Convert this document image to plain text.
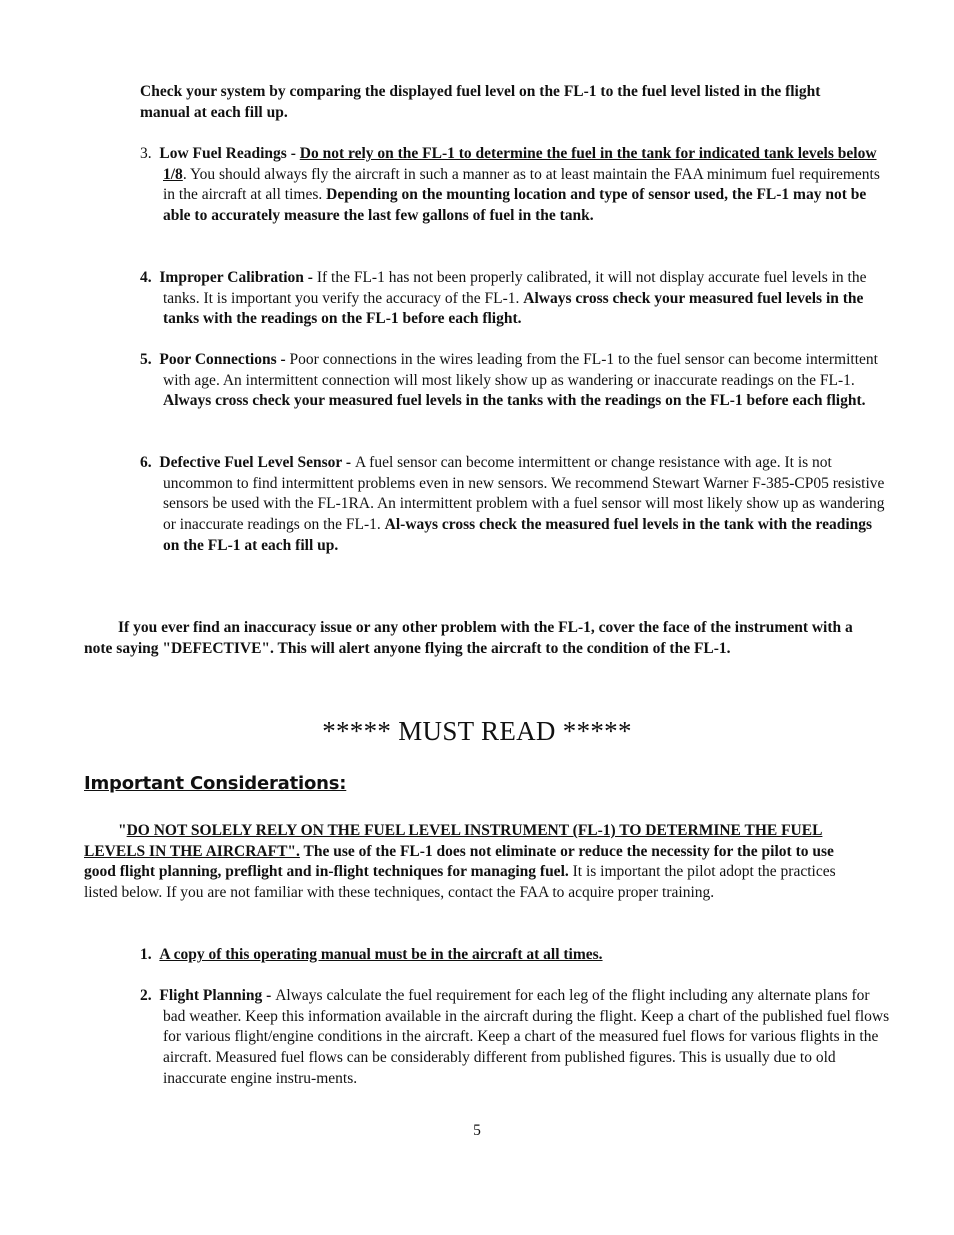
Check your system by comparing the displayed fuel level on the FL-1 to the fuel level listed in the flight manual at each fill up.

3. Low Fuel Readings - Do not rely on the FL-1 to determine the fuel in the tank for indicated tank levels below 1/8. You should always fly the aircraft in such a manner as to at least maintain the FAA minimum fuel requirements in the aircraft at all times. Depending on the mounting location and type of sensor used, the FL-1 may not be able to accurately measure the last few gallons of fuel in the tank.

4. Improper Calibration - If the FL-1 has not been properly calibrated, it will not display accurate fuel levels in the tanks. It is important you verify the accuracy of the FL-1. Always cross check your measured fuel levels in the tanks with the readings on the FL-1 before each flight.

5. Poor Connections - Poor connections in the wires leading from the FL-1 to the fuel sensor can become intermittent with age. An intermittent connection will most likely show up as wandering or inaccurate readings on the FL-1. Always cross check your measured fuel levels in the tanks with the readings on the FL-1 before each flight.

6. Defective Fuel Level Sensor - A fuel sensor can become intermittent or change resistance with age. It is not uncommon to find intermittent problems even in new sensors. We recommend Stewart Warner F-385-CP05 resistive sensors be used with the FL-1RA. An intermittent problem with a fuel sensor will most likely show up as wandering or inaccurate readings on the FL-1. Al-ways cross check the measured fuel levels in the tank with the readings on the FL-1 at each fill up.

If you ever find an inaccuracy issue or any other problem with the FL-1, cover the face of the instrument with a note saying "DEFECTIVE". This will alert anyone flying the aircraft to the condition of the FL-1.

***** MUST READ *****
Important Considerations:

"DO NOT SOLELY RELY ON THE FUEL LEVEL INSTRUMENT (FL-1) TO DETERMINE THE FUEL LEVELS IN THE AIRCRAFT". The use of the FL-1 does not eliminate or reduce the necessity for the pilot to use good flight planning, preflight and in-flight techniques for managing fuel. It is important the pilot adopt the practices listed below. If you are not familiar with these techniques, contact the FAA to acquire proper training.

1. A copy of this operating manual must be in the aircraft at all times.

2. Flight Planning - Always calculate the fuel requirement for each leg of the flight including any alternate plans for bad weather. Keep this information available in the aircraft during the flight. Keep a chart of the published fuel flows for various flight/engine conditions in the aircraft. Keep a chart of the measured fuel flows for various flights in the aircraft. Measured fuel flows can be considerably different from published figures. This is usually due to old inaccurate engine instru-ments.

5
